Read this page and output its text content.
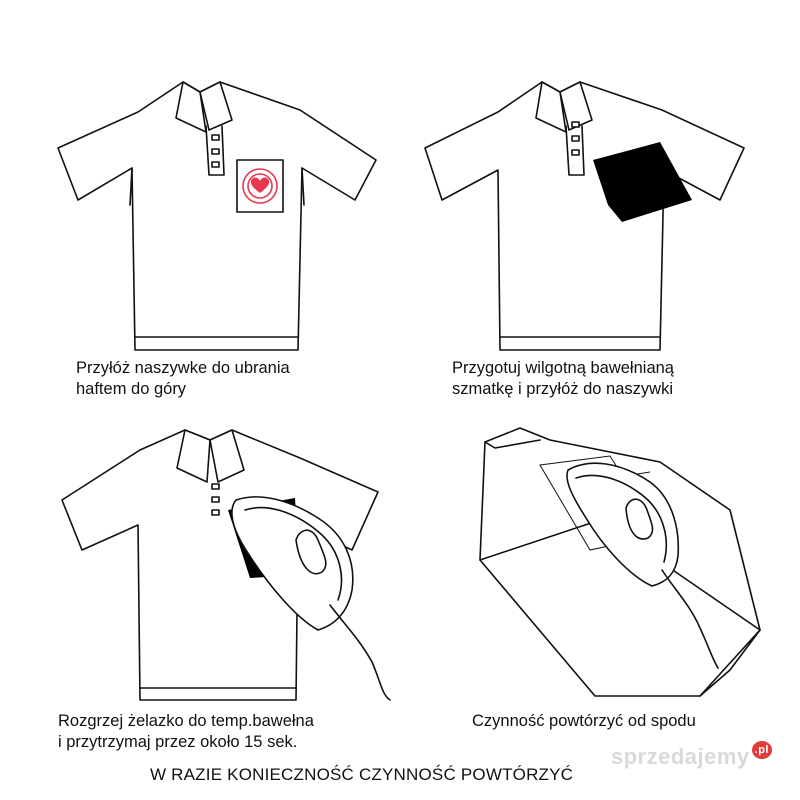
Przyłóż naszywke do ubrania
haftem do góry
Przygotuj wilgotną bawełnianą
szmatkę i przyłóż do naszywki
Rozgrzej żelazko do temp.bawełna
i przytrzymaj przez około 15 sek.
Czynność powtórzyć od spodu
W RAZIE KONIECZNOŚĆ CZYNNOŚĆ POWTÓRZYĆ
sprzedajemy $^{.pl}$
